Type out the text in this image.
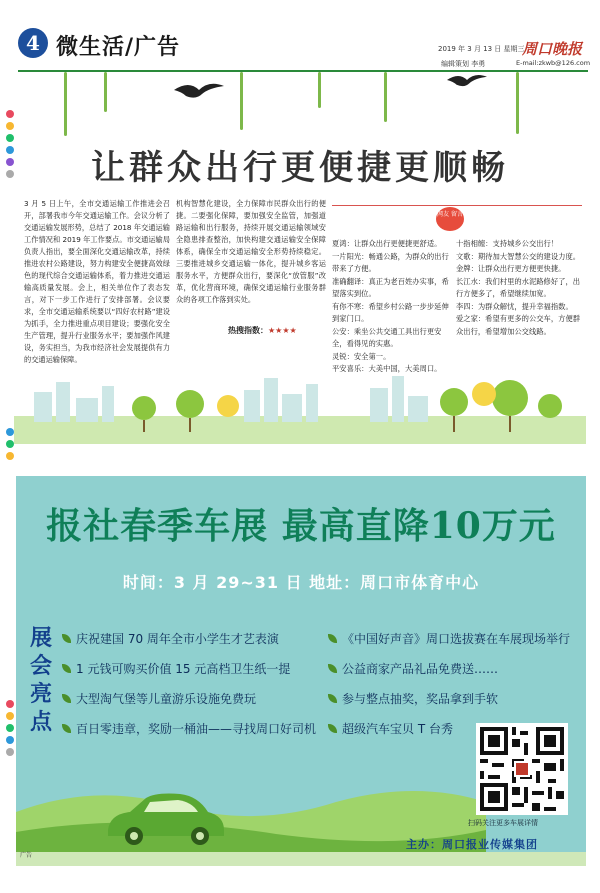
4 微生活/广告	2019 年 3 月 13 日 星期三
周口晚报
编辑策划 李勇	E-mail:zkwb@126.com
让群众出行更便捷更顺畅
3 月 5 日上午，全市交通运输工作推进会召开，部署我市今年交通运输工作。会议分析了交通运输发展形势，总结了 2018 年交通运输工作情况和 2019 年工作要点。市交通运输局负责人指出，要全面深化交通运输改革，持续推进农村公路建设，努力构建安全便捷高效绿色的现代综合交通运输体系，着力推进交通运输高质量发展。会上，相关单位作了表态发言，对下一步工作进行了安排部署。会议要求，全市交通运输系统要以“四好农村路”建设为抓手，全力推进重点项目建设；要强化安全生产管理，提升行业服务水平；要加强作风建设，务实担当，为我市经济社会发展提供有力的交通运输保障。
机构智慧化建设，全力保障市民群众出行的便捷。二要强化保障，要加强安全监管，加强道路运输和出行服务，持续开展交通运输领域安全隐患排查整治，加快构建交通运输安全保障体系，确保全市交通运输安全形势持续稳定。三要推进城乡交通运输一体化，提升城乡客运服务水平，方便群众出行，要深化“放管服”改革，优化营商环境，确保交通运输行业服务群众的各项工作落到实处。
热搜指数：★★★★
网友 留言
夏鸿：让群众出行更便捷更舒适。
一片阳光：畅通公路，为群众的出行带来了方便。
准确翻译：真正为老百姓办实事，希望落实到位。
有你不寒：希望乡村公路一步步延伸到家门口。
公安：乘坐公共交通工具出行更安全，看得见的实惠。
灵锐：安全第一。
平安喜乐：大美中国，大美周口。
十指相缠：支持城乡公交出行！
文歌：期待加大智慧公交的建设力度。
金牌：让群众出行更方便更快捷。
长江水：我们村里的水泥路修好了，出行方便多了，希望继续加宽。
李四：为群众解忧，提升幸福指数。
爱之家：希望有更多的公交车，方便群众出行，希望增加公交线路。
报社春季车展 最高直降10万元
时间：3 月 29~31 日 地址：周口市体育中心
展会亮点
庆祝建国 70 周年全市小学生才艺表演
1 元钱可购买价值 15 元高档卫生纸一提
大型淘气堡等儿童游乐设施免费玩
百日零违章，奖励一桶油——寻找周口好司机
《中国好声音》周口选拔赛在车展现场举行
公益商家产品礼品免费送……
参与整点抽奖，奖品拿到手软
超级汽车宝贝 T 台秀
扫码关注更多车展详情
主办：周口报业传媒集团
广告
